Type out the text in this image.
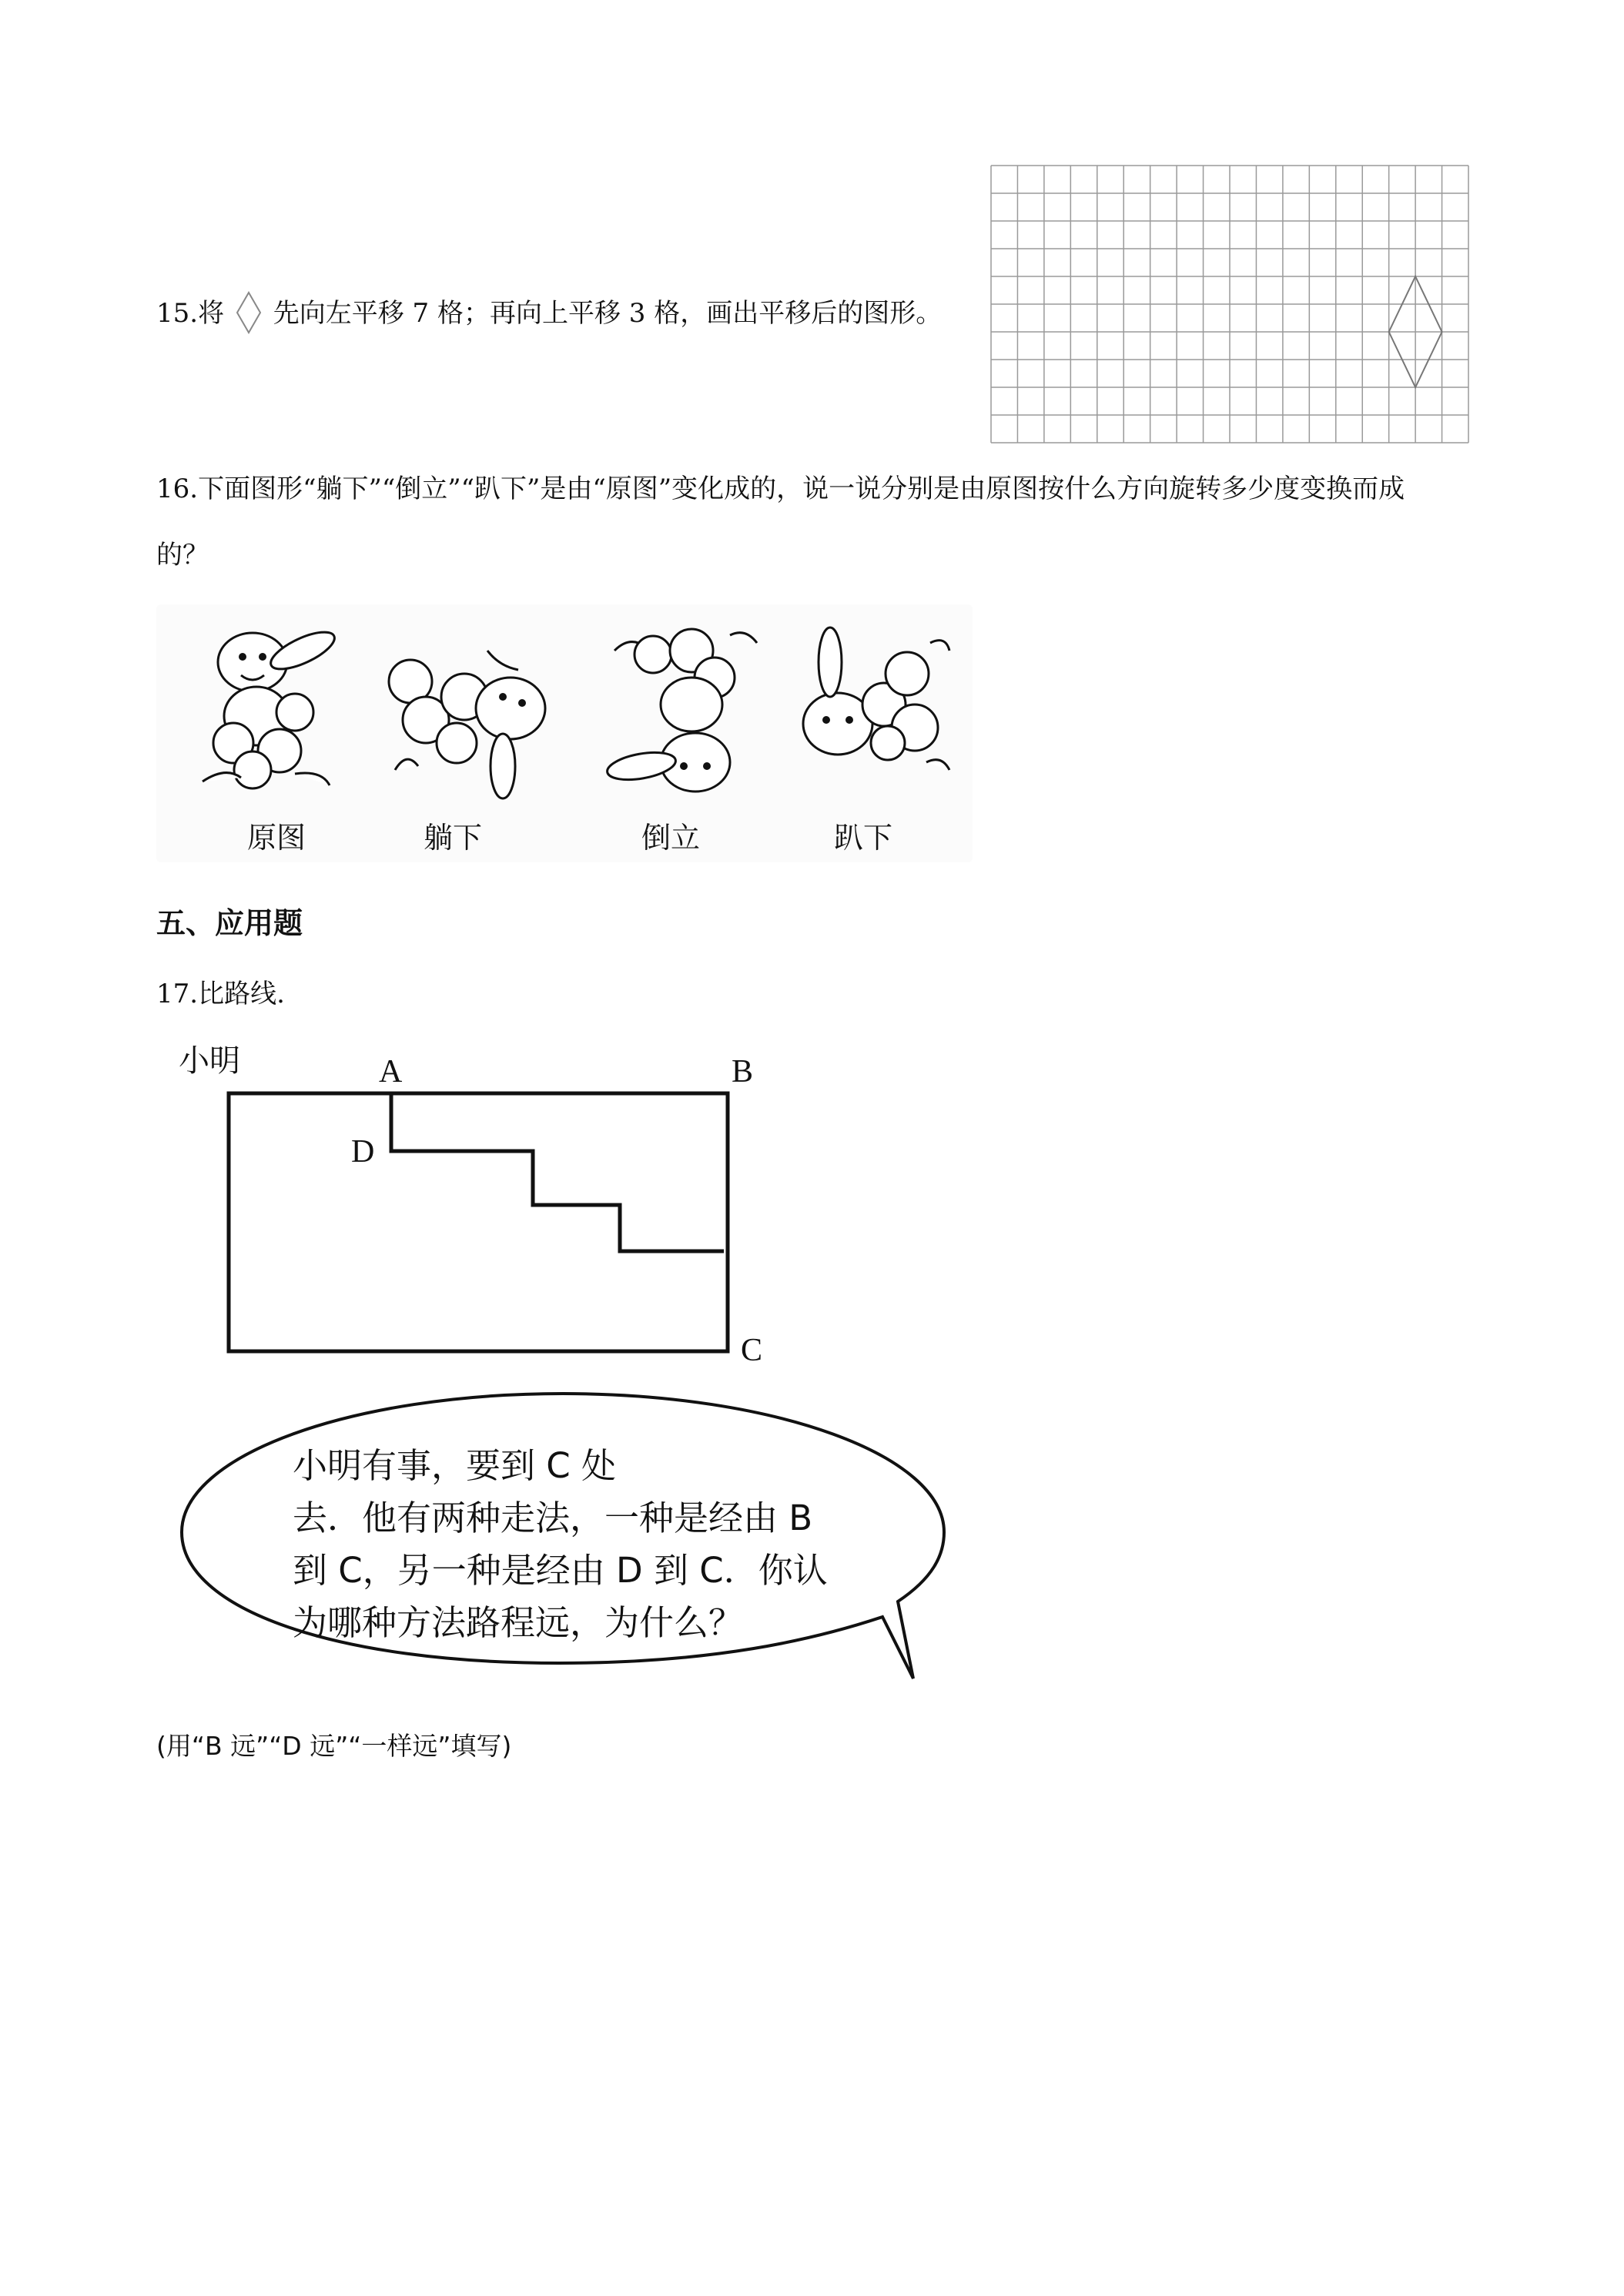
15.将 先向左平移 7 格；再向上平移 3 格，画出平移后的图形。
16.下面图形“躺下”“倒立”“趴下”是由“原图”变化成的，说一说分别是由原图按什么方向旋转多少度变换而成的？
原图	躺下	倒立	趴下
五、应用题
17.比路线.
小明	A	B
D
C
小明有事，要到 C 处
去．他有两种走法，一种是经由 B
到 C，另一种是经由 D 到 C．你认
为哪种方法路程远，为什么？
(用“B 远”“D 远”“一样远”填写)
